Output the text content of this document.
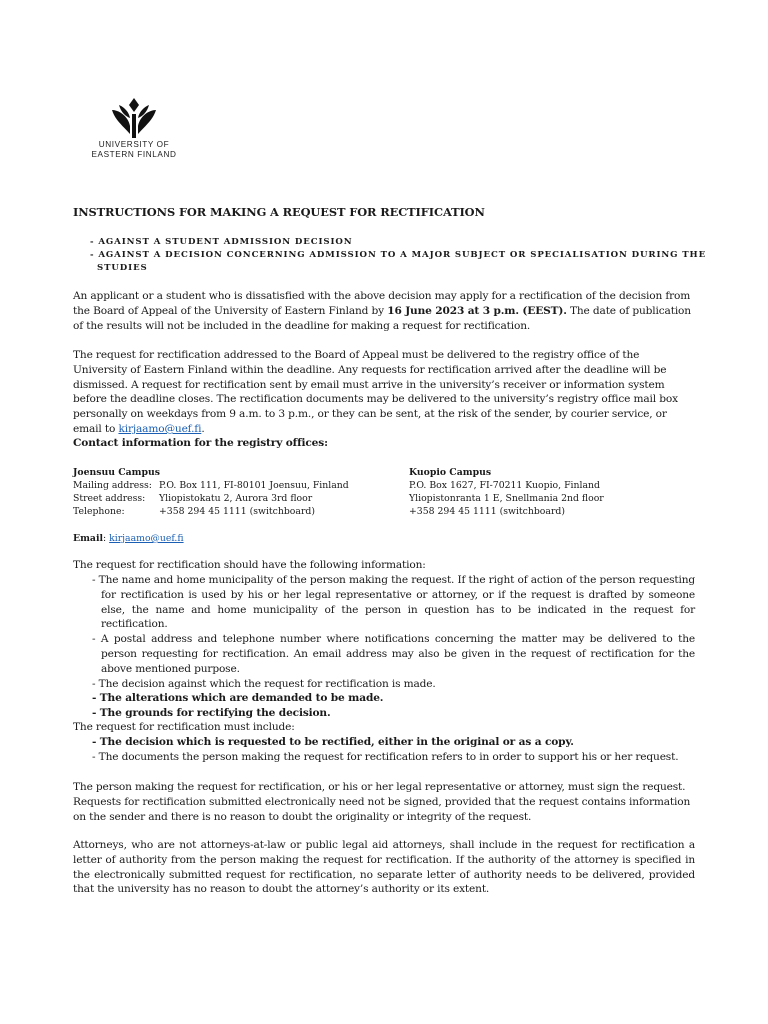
UNIVERSITY OF
EASTERN FINLAND
INSTRUCTIONS FOR MAKING A REQUEST FOR RECTIFICATION
- AGAINST A STUDENT ADMISSION DECISION
- AGAINST A DECISION CONCERNING ADMISSION TO A MAJOR SUBJECT OR SPECIALISATION DURING THE
STUDIES
An applicant or a student who is dissatisfied with the above decision may apply for a rectification of the decision from the Board of Appeal of the University of Eastern Finland by 16 June 2023 at 3 p.m. (EEST). The date of publication of the results will not be included in the deadline for making a request for rectification.
The request for rectification addressed to the Board of Appeal must be delivered to the registry office of the University of Eastern Finland within the deadline. Any requests for rectification arrived after the deadline will be dismissed. A request for rectification sent by email must arrive in the university’s receiver or information system before the deadline closes. The rectification documents may be delivered to the university’s registry office mail box personally on weekdays from 9 a.m. to 3 p.m., or they can be sent, at the risk of the sender, by courier service, or email to kirjaamo@uef.fi.
Contact information for the registry offices:
Joensuu Campus
Mailing address: P.O. Box 111, FI-80101 Joensuu, Finland
Street address:	Yliopistokatu 2, Aurora 3rd floor
Telephone:	+358 294 45 1111 (switchboard)
Kuopio Campus
P.O. Box 1627, FI-70211 Kuopio, Finland
Yliopistonranta 1 E, Snellmania 2nd floor
+358 294 45 1111 (switchboard)
Email: kirjaamo@uef.fi
The request for rectification should have the following information:
- The name and home municipality of the person making the request. If the right of action of the person requesting for rectification is used by his or her legal representative or attorney, or if the request is drafted by someone else, the name and home municipality of the person in question has to be indicated in the request for rectification.
- A postal address and telephone number where notifications concerning the matter may be delivered to the person requesting for rectification. An email address may also be given in the request of rectification for the above mentioned purpose.
- The decision against which the request for rectification is made.
- The alterations which are demanded to be made.
- The grounds for rectifying the decision.
The request for rectification must include:
- The decision which is requested to be rectified, either in the original or as a copy.
- The documents the person making the request for rectification refers to in order to support his or her request.
The person making the request for rectification, or his or her legal representative or attorney, must sign the request. Requests for rectification submitted electronically need not be signed, provided that the request contains information on the sender and there is no reason to doubt the originality or integrity of the request.
Attorneys, who are not attorneys-at-law or public legal aid attorneys, shall include in the request for rectification a letter of authority from the person making the request for rectification. If the authority of the attorney is specified in the electronically submitted request for rectification, no separate letter of authority needs to be delivered, provided that the university has no reason to doubt the attorney’s authority or its extent.
